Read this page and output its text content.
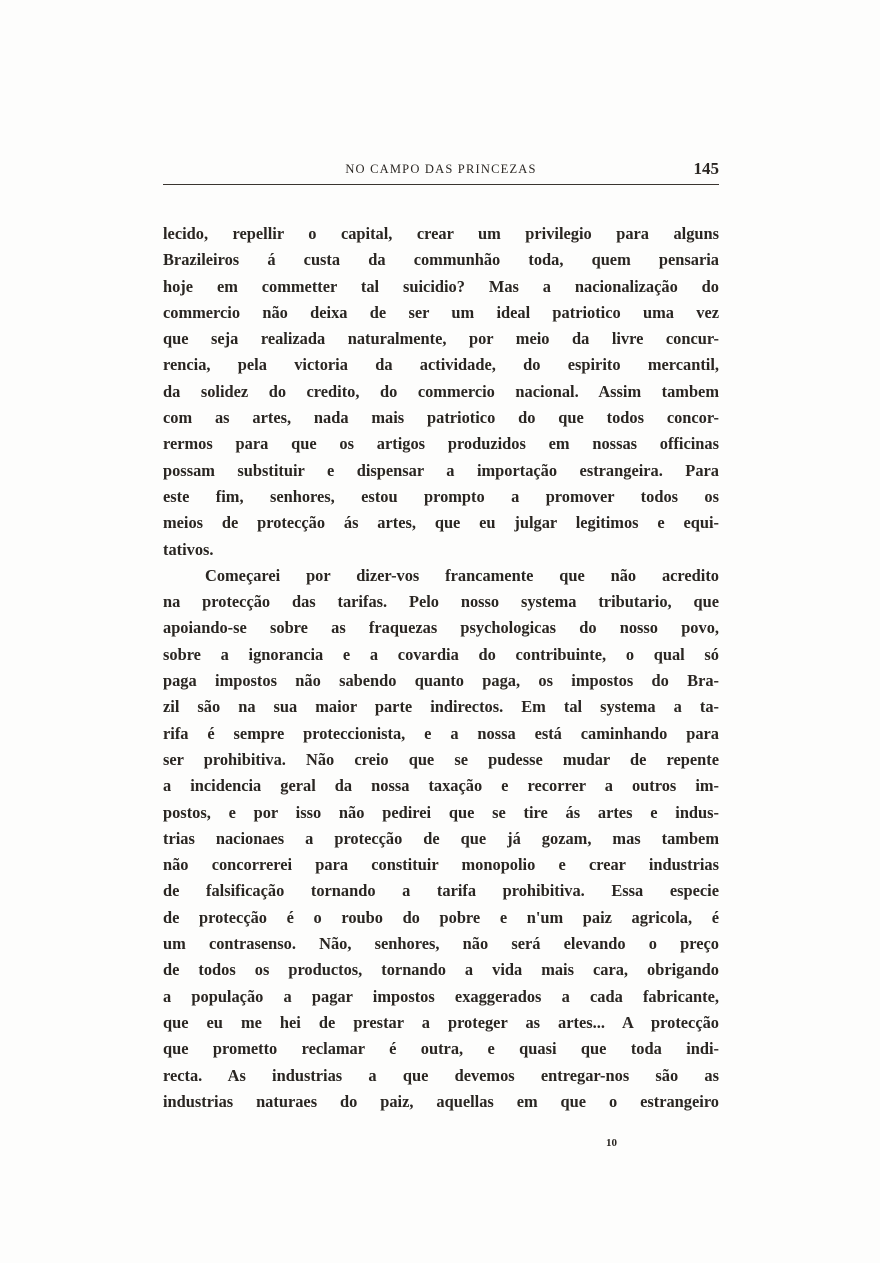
NO CAMPO DAS PRINCEZAS	145
lecido, repellir o capital, crear um privilegio para alguns
Brazileiros á custa da communhão toda, quem pensaria
hoje em commetter tal suicidio? Mas a nacionalização do
commercio não deixa de ser um ideal patriotico uma vez
que seja realizada naturalmente, por meio da livre concur-
rencia, pela victoria da actividade, do espirito mercantil,
da solidez do credito, do commercio nacional. Assim tambem
com as artes, nada mais patriotico do que todos concor-
rermos para que os artigos produzidos em nossas officinas
possam substituir e dispensar a importação estrangeira. Para
este fim, senhores, estou prompto a promover todos os
meios de protecção ás artes, que eu julgar legitimos e equi-
tativos.
Começarei por dizer-vos francamente que não acredito
na protecção das tarifas. Pelo nosso systema tributario, que
apoiando-se sobre as fraquezas psychologicas do nosso povo,
sobre a ignorancia e a covardia do contribuinte, o qual só
paga impostos não sabendo quanto paga, os impostos do Bra-
zil são na sua maior parte indirectos. Em tal systema a ta-
rifa é sempre proteccionista, e a nossa está caminhando para
ser prohibitiva. Não creio que se pudesse mudar de repente
a incidencia geral da nossa taxação e recorrer a outros im-
postos, e por isso não pedirei que se tire ás artes e indus-
trias nacionaes a protecção de que já gozam, mas tambem
não concorrerei para constituir monopolio e crear industrias
de falsificação tornando a tarifa prohibitiva. Essa especie
de protecção é o roubo do pobre e n'um paiz agricola, é
um contrasenso. Não, senhores, não será elevando o preço
de todos os productos, tornando a vida mais cara, obrigando
a população a pagar impostos exaggerados a cada fabricante,
que eu me hei de prestar a proteger as artes... A protecção
que prometto reclamar é outra, e quasi que toda indi-
recta. As industrias a que devemos entregar-nos são as
industrias naturaes do paiz, aquellas em que o estrangeiro
10
